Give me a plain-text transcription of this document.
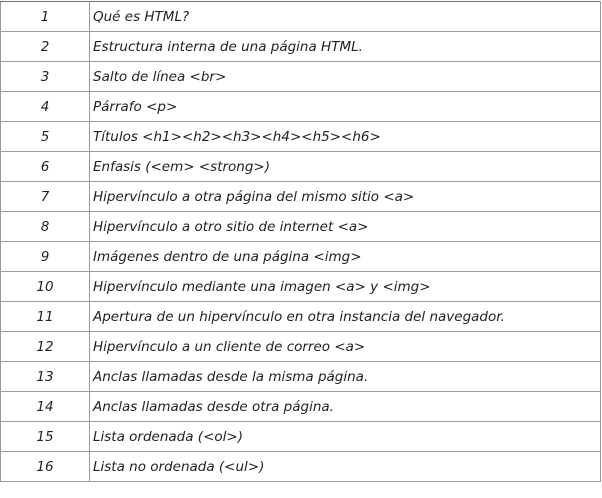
1	Qué es HTML?
2	Estructura interna de una página HTML.
3	Salto de línea <br>
4	Párrafo <p>
5	Títulos <h1><h2><h3><h4><h5><h6>
6	Enfasis (<em> <strong>)
7	Hipervínculo a otra página del mismo sitio <a>
8	Hipervínculo a otro sitio de internet <a>
9	Imágenes dentro de una página <img>
10	Hipervínculo mediante una imagen <a> y <img>
11	Apertura de un hipervínculo en otra instancia del navegador.
12	Hipervínculo a un cliente de correo <a>
13	Anclas llamadas desde la misma página.
14	Anclas llamadas desde otra página.
15	Lista ordenada (<ol>)
16	Lista no ordenada (<ul>)
